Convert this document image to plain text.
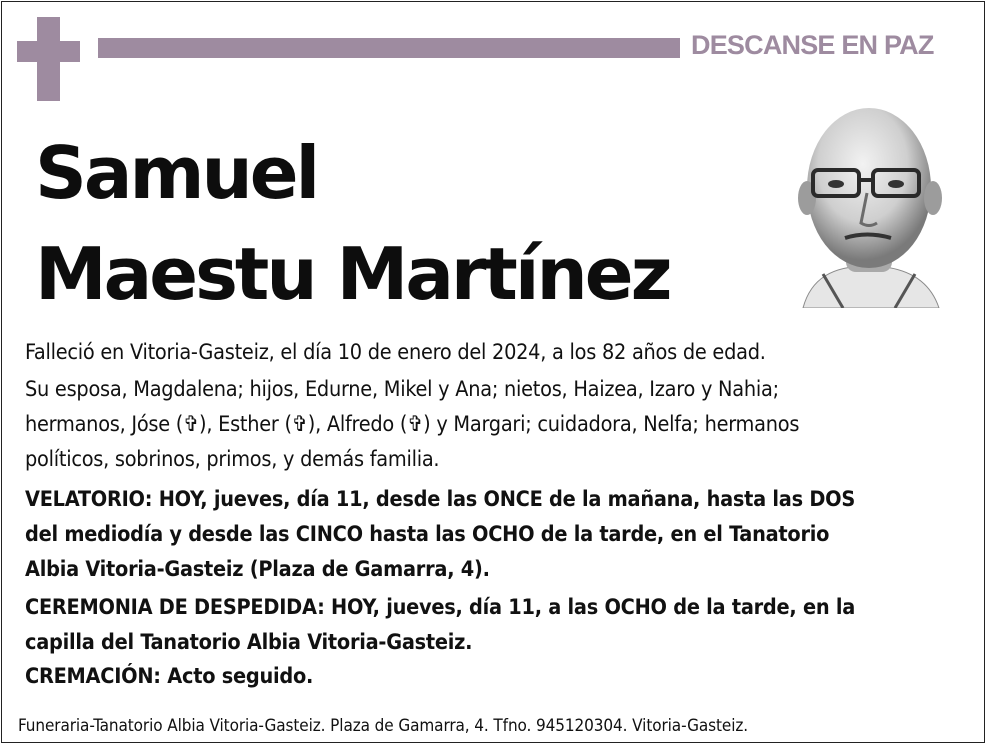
DESCANSE EN PAZ
Samuel
Maestu Martínez
Falleció en Vitoria-Gasteiz, el día 10 de enero del 2024, a los 82 años de edad.
Su esposa, Magdalena; hijos, Edurne, Mikel y Ana; nietos, Haizea, Izaro y Nahia;
hermanos, Jóse (✞), Esther (✞), Alfredo (✞) y Margari; cuidadora, Nelfa; hermanos
políticos, sobrinos, primos, y demás familia.
VELATORIO: HOY, jueves, día 11, desde las ONCE de la mañana, hasta las DOS
del mediodía y desde las CINCO hasta las OCHO de la tarde, en el Tanatorio
Albia Vitoria-Gasteiz (Plaza de Gamarra, 4).
CEREMONIA DE DESPEDIDA: HOY, jueves, día 11, a las OCHO de la tarde, en la
capilla del Tanatorio Albia Vitoria-Gasteiz.
CREMACIÓN: Acto seguido.
Funeraria-Tanatorio Albia Vitoria-Gasteiz. Plaza de Gamarra, 4. Tfno. 945120304. Vitoria-Gasteiz.
